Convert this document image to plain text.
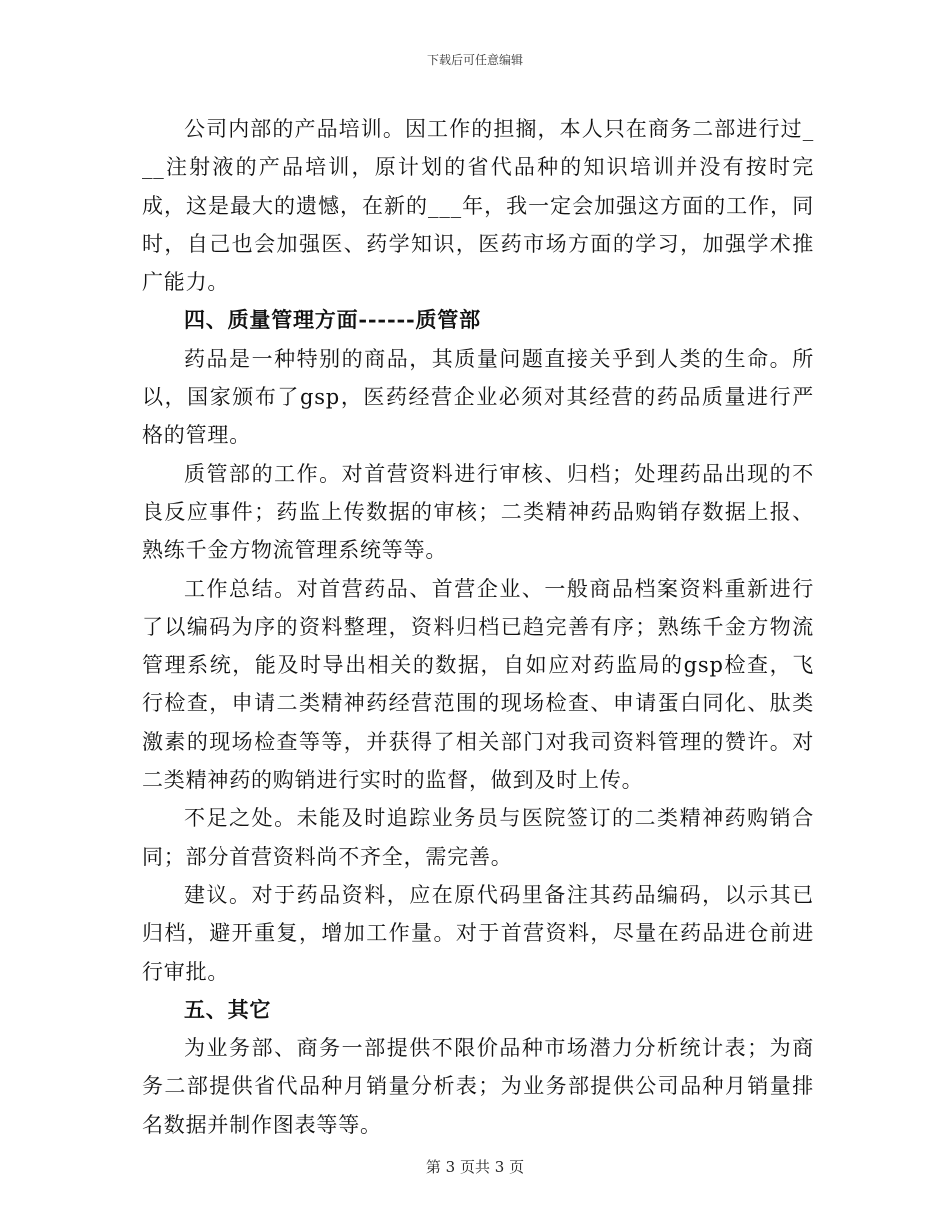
下载后可任意编辑

公司内部的产品培训。因工作的担搁，本人只在商务二部进行过___注射液的产品培训，原计划的省代品种的知识培训并没有按时完成，这是最大的遗憾，在新的___年，我一定会加强这方面的工作，同时，自己也会加强医、药学知识，医药市场方面的学习，加强学术推广能力。

四、质量管理方面------质管部

药品是一种特别的商品，其质量问题直接关乎到人类的生命。所以，国家颁布了gsp，医药经营企业必须对其经营的药品质量进行严格的管理。

质管部的工作。对首营资料进行审核、归档；处理药品出现的不良反应事件；药监上传数据的审核；二类精神药品购销存数据上报、熟练千金方物流管理系统等等。

工作总结。对首营药品、首营企业、一般商品档案资料重新进行了以编码为序的资料整理，资料归档已趋完善有序；熟练千金方物流管理系统，能及时导出相关的数据，自如应对药监局的gsp检查，飞行检查，申请二类精神药经营范围的现场检查、申请蛋白同化、肽类激素的现场检查等等，并获得了相关部门对我司资料管理的赞许。对二类精神药的购销进行实时的监督，做到及时上传。

不足之处。未能及时追踪业务员与医院签订的二类精神药购销合同；部分首营资料尚不齐全，需完善。

建议。对于药品资料，应在原代码里备注其药品编码，以示其已归档，避开重复，增加工作量。对于首营资料，尽量在药品进仓前进行审批。

五、其它

为业务部、商务一部提供不限价品种市场潜力分析统计表；为商务二部提供省代品种月销量分析表；为业务部提供公司品种月销量排名数据并制作图表等等。

第 3 页共 3 页
